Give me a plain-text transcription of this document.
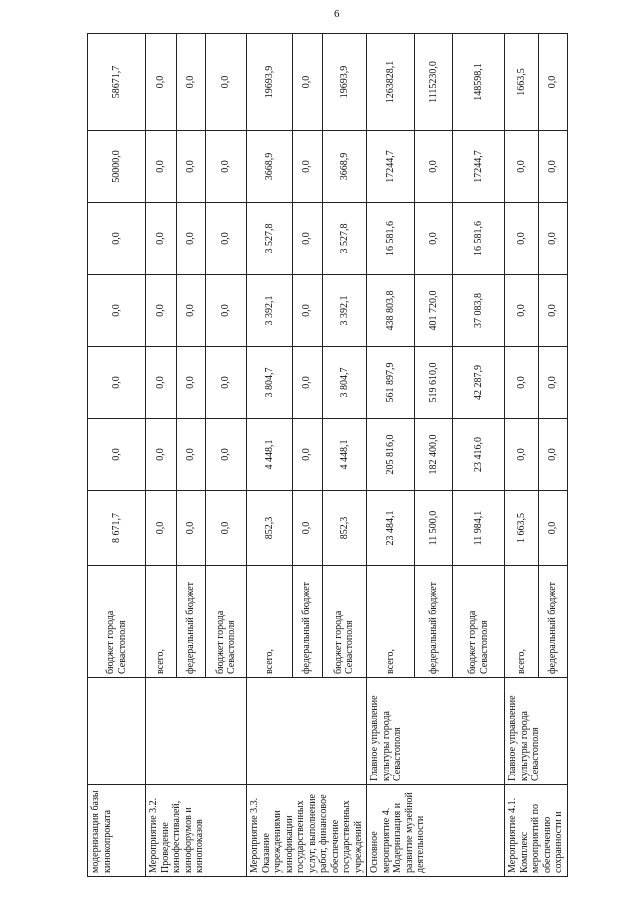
6
модернизация базы кинокопроката		бюджет города Севастополя	8 671,7	0,0	0,0	0,0	0,0	50000,0	58671,7
Мероприятие 3.2. Проведение кинофестивалей, кинофорумов и кинопоказов		всего,	0,0	0,0	0,0	0,0	0,0	0,0	0,0
		федеральный бюджет	0,0	0,0	0,0	0,0	0,0	0,0	0,0
		бюджет города Севастополя	0,0	0,0	0,0	0,0	0,0	0,0	0,0
Мероприятие 3.3. Оказание учреждениями кинофикации государственных услуг, выполнение работ, финансовое обеспечение государственных учреждений		всего,	852,3	4 448,1	3 804,7	3 392,1	3 527,8	3668,9	19693,9
		федеральный бюджет	0,0	0,0	0,0	0,0	0,0	0,0	0,0
		бюджет города Севастополя	852,3	4 448,1	3 804,7	3 392,1	3 527,8	3668,9	19693,9
Основное мероприятие 4. Модернизация и развитие музейной деятельности	Главное управление культуры города Севастополя	всего,	23 484,1	205 816,0	561 897,9	438 803,8	16 581,6	17244,7	1263828,1
		федеральный бюджет	11 500,0	182 400,0	519 610,0	401 720,0	0,0	0,0	1115230,0
		бюджет города Севастополя	11 984,1	23 416,0	42 287,9	37 083,8	16 581,6	17244,7	148598,1
Мероприятие 4.1. Комплекс мероприятий по обеспечению сохранности и	Главное управление культуры города Севастополя	всего,	1 663,5	0,0	0,0	0,0	0,0	0,0	1663,5
		федеральный бюджет	0,0	0,0	0,0	0,0	0,0	0,0	0,0
